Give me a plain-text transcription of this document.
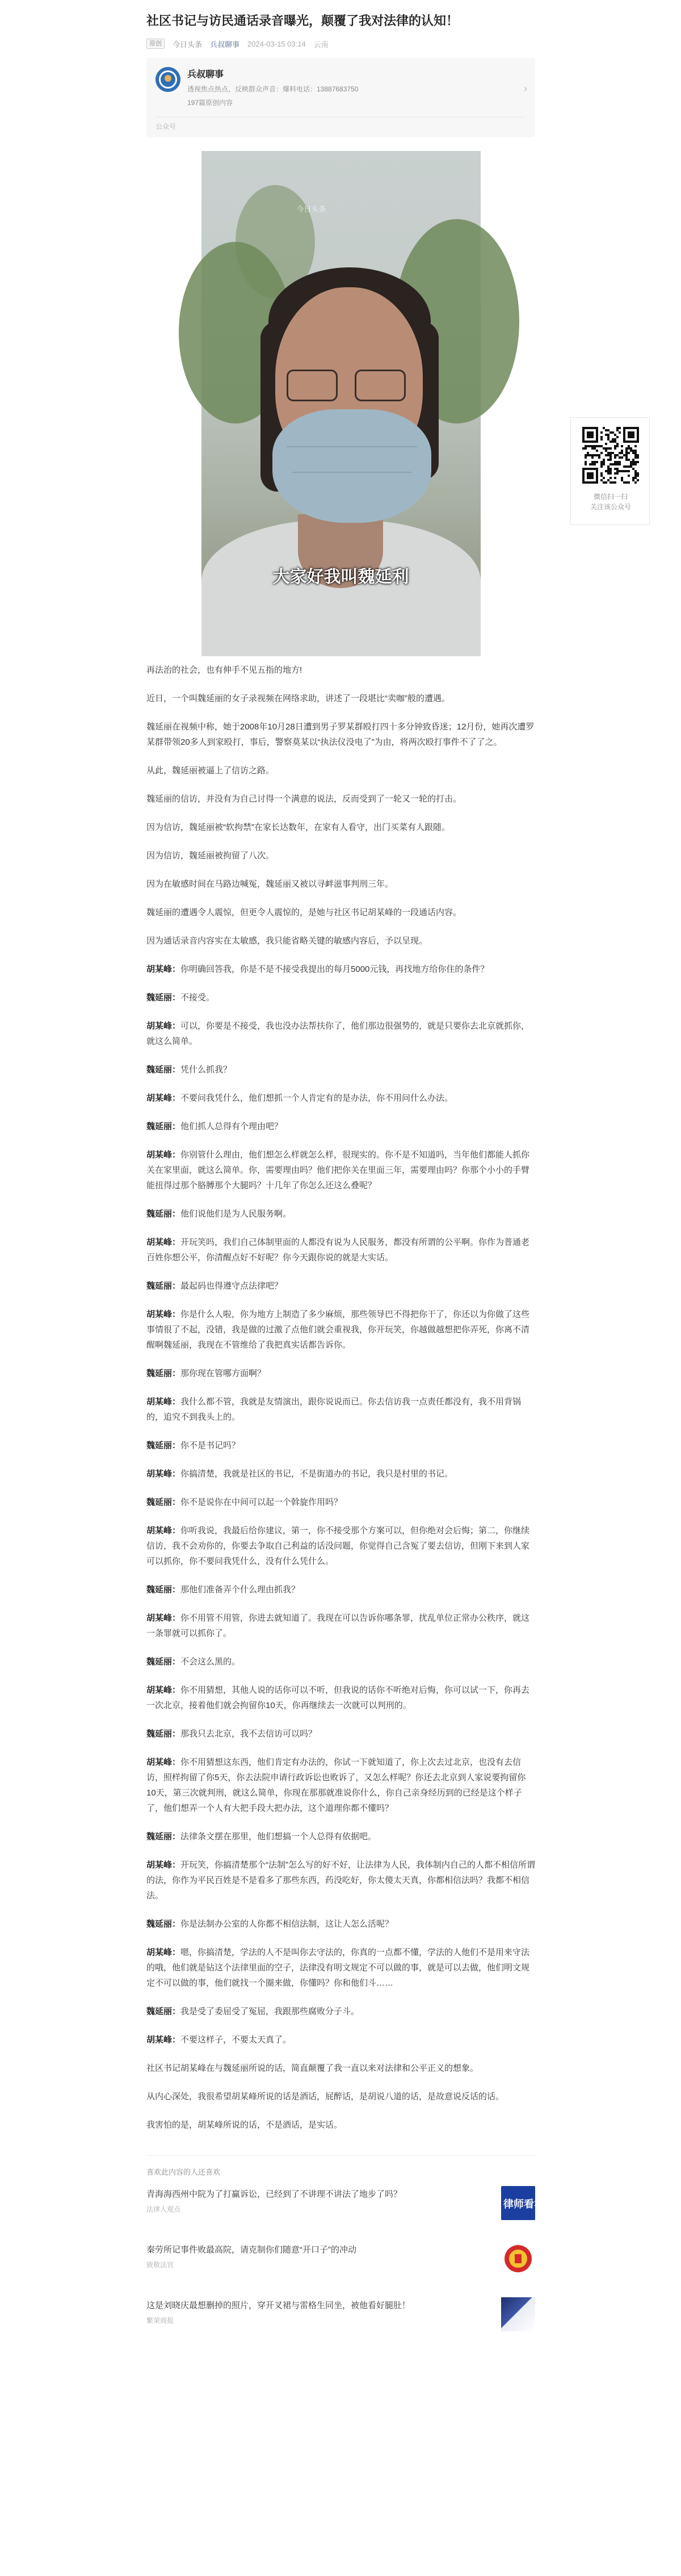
社区书记与访民通话录音曝光，颠覆了我对法律的认知！
原创	今日头条 兵叔聊事 2024-03-15 03:14 云南
兵叔聊事
透视焦点热点，反映群众声音：爆料电话：13887683750
197篇原创内容
›
公众号
今日头条
大家好我叫魏延利

再法治的社会，也有伸手不见五指的地方!

近日，一个叫魏延丽的女子录视频在网络求助，讲述了一段堪比“卖咖”般的遭遇。

魏延丽在视频中称，她于2008年10月28日遭到男子罗某群殴打四十多分钟致昏迷；12月份，她再次遭罗某群带领20多人到家殴打，事后，警察莫某以“执法仪没电了”为由，将两次殴打事件不了了之。

从此，魏延丽被逼上了信访之路。

魏延丽的信访，并没有为自己讨得一个满意的说法，反而受到了一轮又一轮的打击。

因为信访，魏延丽被“软拘禁”在家长达数年，在家有人看守，出门买菜有人跟随。

因为信访，魏延丽被拘留了八次。

因为在敏感时间在马路边喊冤，魏延丽又被以寻衅滋事判刑三年。

魏延丽的遭遇令人震惊，但更令人震惊的，是她与社区书记胡某峰的一段通话内容。

因为通话录音内容实在太敏感，我只能省略关键的敏感内容后，予以呈现。

胡某峰：你明确回答我，你是不是不接受我提出的每月5000元钱，再找地方给你住的条件？

魏延丽：不接受。

胡某峰：可以，你要是不接受，我也没办法帮扶你了，他们那边很强势的，就是只要你去北京就抓你，就这么简单。

魏延丽：凭什么抓我？

胡某峰：不要问我凭什么，他们想抓一个人肯定有的是办法，你不用问什么办法。

魏延丽：他们抓人总得有个理由吧？

胡某峰：你别管什么理由，他们想怎么样就怎么样，很现实的。你不是不知道吗，当年他们都能人抓你关在家里面，就这么简单。你，需要理由吗？他们把你关在里面三年，需要理由吗？你那个小小的手臂能扭得过那个胳膊那个大腿吗？十几年了你怎么还这么叠呢？

魏延丽：他们说他们是为人民服务啊。

胡某峰：开玩笑吗，我们自己体制里面的人都没有说为人民服务，都没有所谓的公平啊。你作为普通老百姓你想公平，你清醒点好不好呢？你今天跟你说的就是大实话。

魏延丽：最起码也得遵守点法律吧？

胡某峰：你是什么人啦，你为地方上制造了多少麻烦，那些领导巴不得把你干了，你还以为你做了这些事情很了不起，没错，我是做的过激了点他们就会重视我，你开玩笑，你越做越想把你弄死，你离不清醒啊魏延丽，我现在不管维给了我把真实话都告诉你。

魏延丽：那你现在管哪方面啊？

胡某峰：我什么都不管，我就是友情演出，跟你说说而已。你去信访我一点责任都没有，我不用背锅的，追究不到我头上的。

魏延丽：你不是书记吗？

胡某峰：你搞清楚，我就是社区的书记，不是街道办的书记，我只是村里的书记。

魏延丽：你不是说你在中间可以起一个斡旋作用吗？

胡某峰：你听我说，我最后给你建议，第一，你不接受那个方案可以，但你绝对会后悔；第二，你继续信访，我不会劝你的，你要去争取自己利益的话没问题，你觉得自己含冤了要去信访，但刚下来到人家可以抓你，你不要问我凭什么，没有什么凭什么。

魏延丽：那他们准备弄个什么理由抓我？

胡某峰：你不用管不用管，你进去就知道了。我现在可以告诉你哪条罪，扰乱单位正常办公秩序，就这一条罪就可以抓你了。

魏延丽：不会这么黑的。

胡某峰：你不用猜想，其他人说的话你可以不听，但我说的话你不听绝对后悔，你可以试一下，你再去一次北京，接着他们就会拘留你10天，你再继续去一次就可以判刑的。

魏延丽：那我只去北京，我不去信访可以吗？

胡某峰：你不用猜想这东西，他们肯定有办法的，你试一下就知道了，你上次去过北京，也没有去信访，照样拘留了你5天，你去法院申请行政诉讼也败诉了，又怎么样呢？你还去北京到人家说要拘留你10天，第三次就判刑，就这么简单，你现在那那就准说你什么，你自己亲身经历到的已经是这个样子了，他们想弄一个人有大把手段大把办法，这个道理你都不懂吗？

魏延丽：法律条文摆在那里，他们想搞一个人总得有依据吧。

胡某峰：开玩笑，你搞清楚那个“法制”怎么写的好不好，让法律为人民，我体制内自己的人都不相信所谓的法，你作为平民百姓是不是看多了那些东西，药没吃好，你太傻太天真，你都相信法吗？我都不相信法。

魏延丽：你是法制办公室的人你都不相信法制，这让人怎么活呢？

胡某峰：嗯，你搞清楚，学法的人不是叫你去守法的，你真的一点都不懂，学法的人他们不是用来守法的哦，他们就是钻这个法律里面的空子，法律没有明文规定不可以做的事，就是可以去做，他们明文规定不可以做的事，他们就找一个圈来做，你懂吗？你和他们斗……

魏延丽：我是受了委屈受了冤屈，我跟那些腐败分子斗。

胡某峰：不要这样子，不要太天真了。

社区书记胡某峰在与魏延丽所说的话，简直颠覆了我一直以来对法律和公平正义的想象。

从内心深处，我很希望胡某峰所说的话是酒话，屁醉话，是胡说八道的话，是故意说反话的话。

我害怕的是，胡某峰所说的话，不是酒话，是实话。

喜欢此内容的人还喜欢
青海海西州中院为了打赢诉讼，已经到了不讲理不讲法了地步了吗？
法律人观点	律师看法
秦劳所记事件败最高院，请克制你们随意“开口子”的冲动
致敬法官
这是刘晓庆最想删掉的照片，穿开叉裙与雷格生同坐，被他看好腿肚！
繁荣商报
微信扫一扫
关注该公众号
